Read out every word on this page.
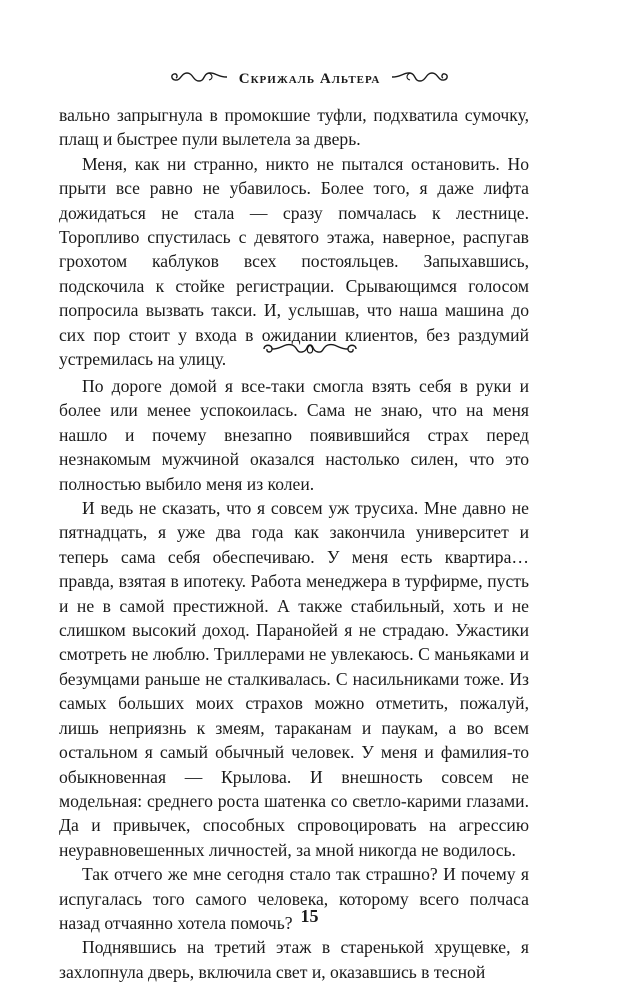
Скрижаль Альтера

вально запрыгнула в промокшие туфли, подхватила сумочку, плащ и быстрее пули вылетела за дверь.

Меня, как ни странно, никто не пытался остановить. Но прыти все равно не убавилось. Более того, я даже лифта дожидаться не стала — сразу помчалась к лестнице. Торопливо спустилась с девятого этажа, наверное, распугав грохотом каблуков всех постояльцев. Запыхавшись, подскочила к стойке регистрации. Срывающимся голосом попросила вызвать такси. И, услышав, что наша машина до сих пор стоит у входа в ожидании клиентов, без раздумий устремилась на улицу.

По дороге домой я все-таки смогла взять себя в руки и более или менее успокоилась. Сама не знаю, что на меня нашло и почему внезапно появившийся страх перед незнакомым мужчиной оказался настолько силен, что это полностью выбило меня из колеи.

И ведь не сказать, что я совсем уж трусиха. Мне давно не пятнадцать, я уже два года как закончила университет и теперь сама себя обеспечиваю. У меня есть квартира… правда, взятая в ипотеку. Работа менеджера в турфирме, пусть и не в самой престижной. А также стабильный, хоть и не слишком высокий доход. Паранойей я не страдаю. Ужастики смотреть не люблю. Триллерами не увлекаюсь. С маньяками и безумцами раньше не сталкивалась. С насильниками тоже. Из самых больших моих страхов можно отметить, пожалуй, лишь неприязнь к змеям, тараканам и паукам, а во всем остальном я самый обычный человек. У меня и фамилия-то обыкновенная — Крылова. И внешность совсем не модельная: среднего роста шатенка со светло-карими глазами. Да и привычек, способных спровоцировать на агрессию неуравновешенных личностей, за мной никогда не водилось.

Так отчего же мне сегодня стало так страшно? И почему я испугалась того самого человека, которому всего полчаса назад отчаянно хотела помочь?

Поднявшись на третий этаж в старенькой хрущевке, я захлопнула дверь, включила свет и, оказавшись в тесной

15
